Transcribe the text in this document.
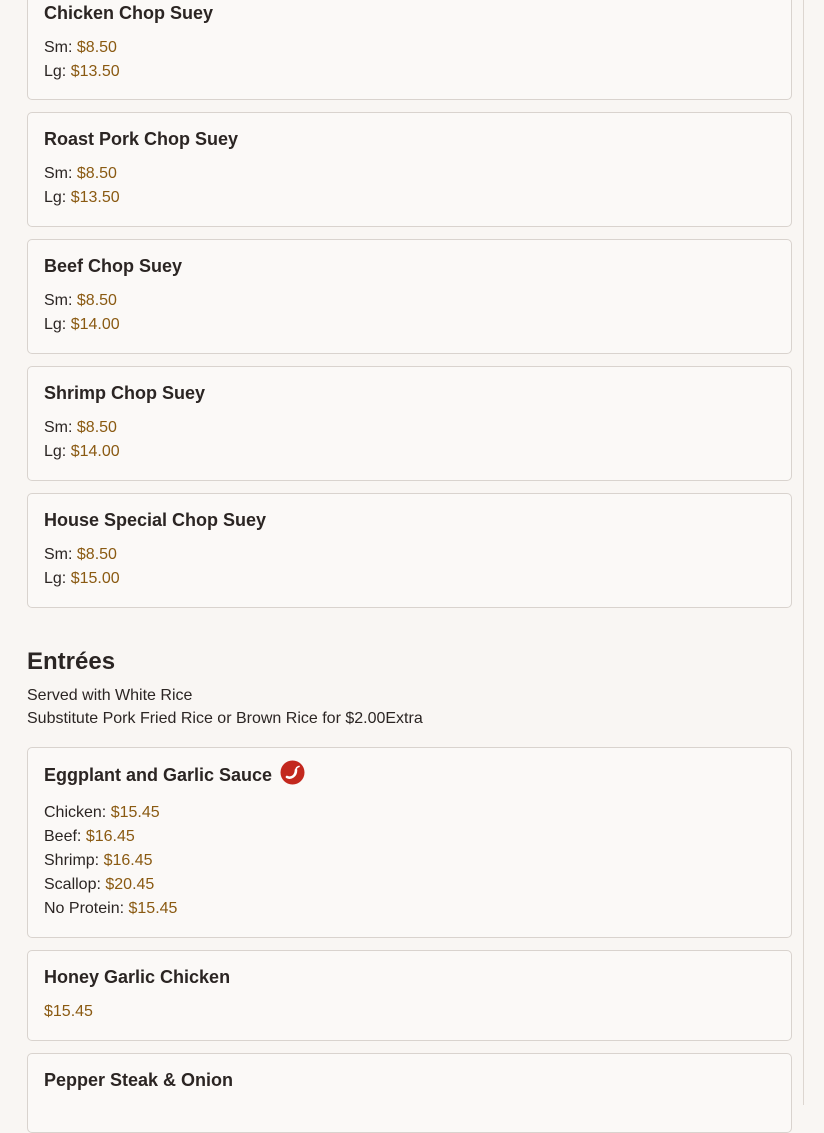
Chicken Chop Suey
Sm: $8.50
Lg: $13.50
Roast Pork Chop Suey
Sm: $8.50
Lg: $13.50
Beef Chop Suey
Sm: $8.50
Lg: $14.00
Shrimp Chop Suey
Sm: $8.50
Lg: $14.00
House Special Chop Suey
Sm: $8.50
Lg: $15.00
Entrées
Served with White Rice
Substitute Pork Fried Rice or Brown Rice for $2.00Extra
Eggplant and Garlic Sauce
Chicken: $15.45
Beef: $16.45
Shrimp: $16.45
Scallop: $20.45
No Protein: $15.45
Honey Garlic Chicken
$15.45
Pepper Steak & Onion
